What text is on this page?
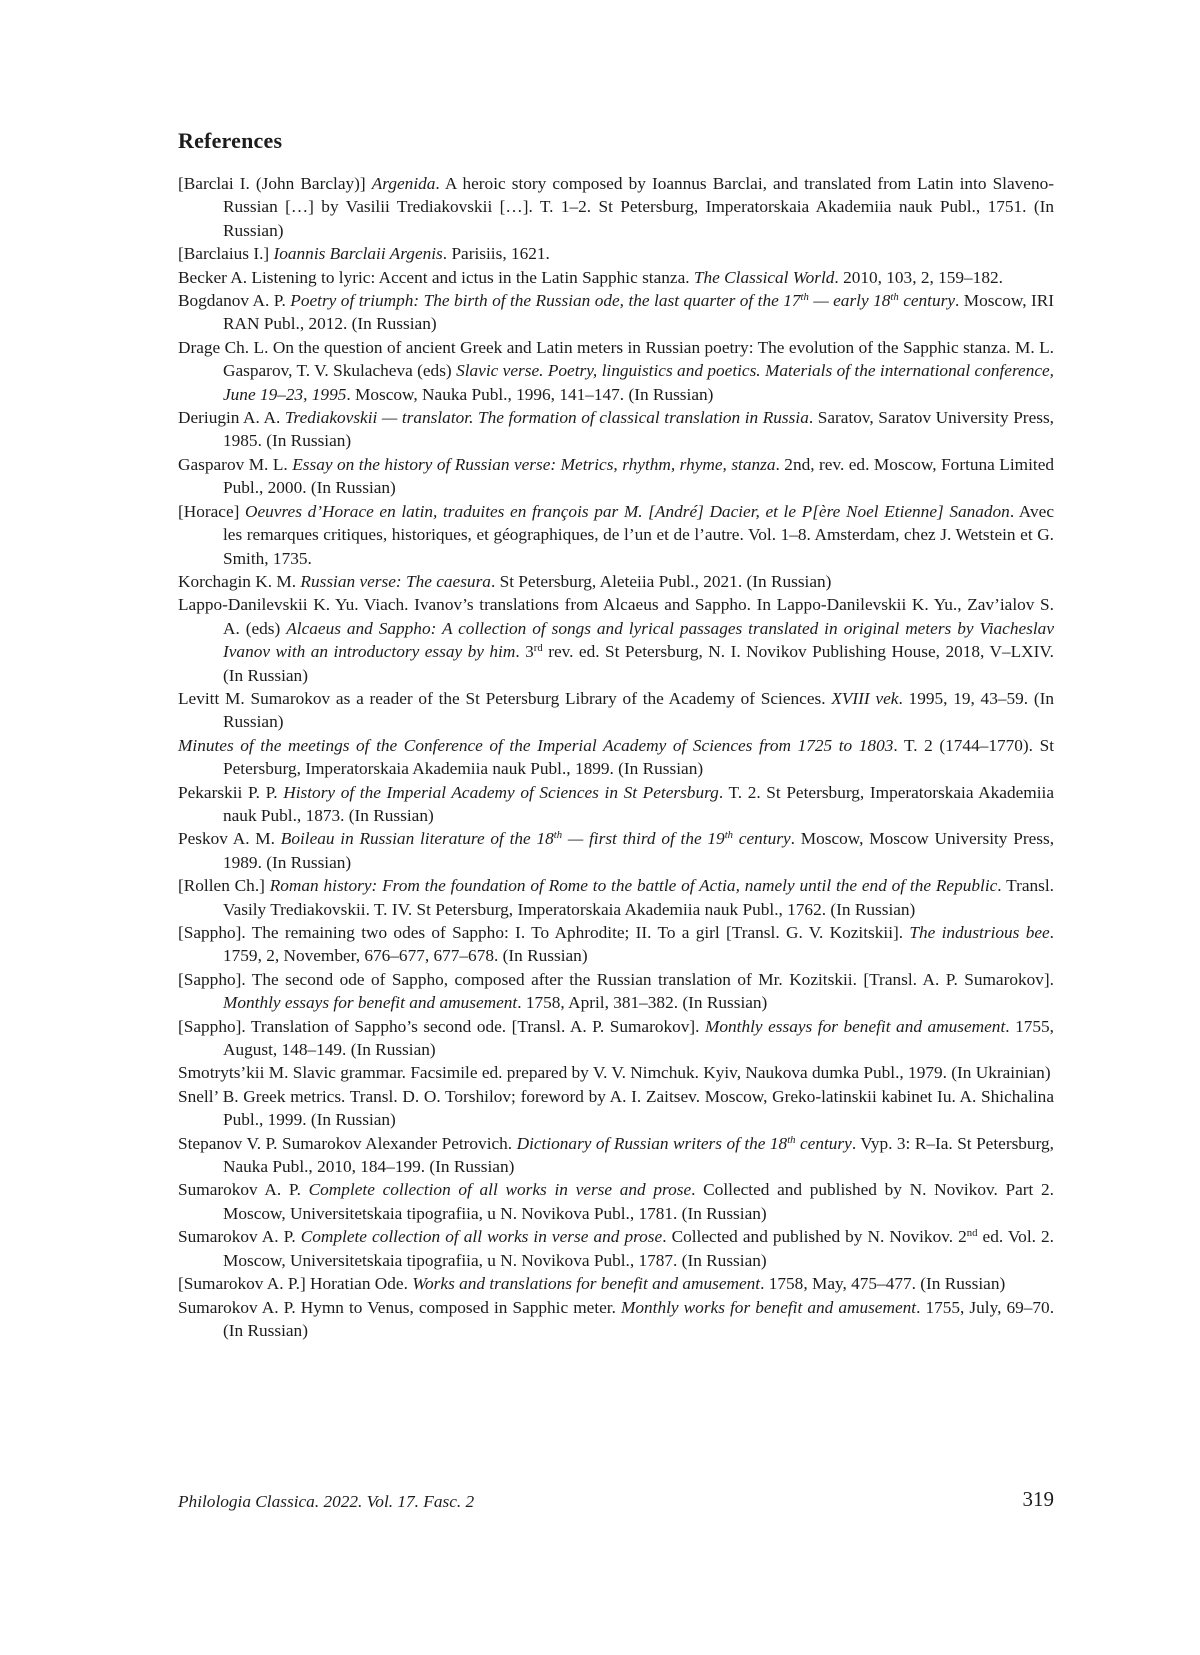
References

[Barclai I. (John Barclay)] Argenida. A heroic story composed by Ioannus Barclai, and translated from Latin into Slaveno-Russian […] by Vasilii Trediakovskii […]. T. 1–2. St Petersburg, Imperatorskaia Akademiia nauk Publ., 1751. (In Russian)

[Barclaius I.] Ioannis Barclaii Argenis. Parisiis, 1621.

Becker A. Listening to lyric: Accent and ictus in the Latin Sapphic stanza. The Classical World. 2010, 103, 2, 159–182.

Bogdanov A. P. Poetry of triumph: The birth of the Russian ode, the last quarter of the 17th — early 18th century. Moscow, IRI RAN Publ., 2012. (In Russian)

Drage Ch. L. On the question of ancient Greek and Latin meters in Russian poetry: The evolution of the Sapphic stanza. M. L. Gasparov, T. V. Skulacheva (eds) Slavic verse. Poetry, linguistics and poetics. Materials of the international conference, June 19–23, 1995. Moscow, Nauka Publ., 1996, 141–147. (In Russian)

Deriugin A. A. Trediakovskii — translator. The formation of classical translation in Russia. Saratov, Saratov University Press, 1985. (In Russian)

Gasparov M. L. Essay on the history of Russian verse: Metrics, rhythm, rhyme, stanza. 2nd, rev. ed. Moscow, Fortuna Limited Publ., 2000. (In Russian)

[Horace] Oeuvres d’Horace en latin, traduites en françois par M. [André] Dacier, et le P[ère Noel Etienne] Sanadon. Avec les remarques critiques, historiques, et géographiques, de l’un et de l’autre. Vol. 1–8. Amsterdam, chez J. Wetstein et G. Smith, 1735.

Korchagin K. M. Russian verse: The caesura. St Petersburg, Aleteiia Publ., 2021. (In Russian)

Lappo-Danilevskii K. Yu. Viach. Ivanov’s translations from Alcaeus and Sappho. In Lappo-Danilevskii K. Yu., Zav’ialov S. A. (eds) Alcaeus and Sappho: A collection of songs and lyrical passages translated in original meters by Viacheslav Ivanov with an introductory essay by him. 3rd rev. ed. St Petersburg, N. I. Novikov Publishing House, 2018, V–LXIV. (In Russian)

Levitt M. Sumarokov as a reader of the St Petersburg Library of the Academy of Sciences. XVIII vek. 1995, 19, 43–59. (In Russian)

Minutes of the meetings of the Conference of the Imperial Academy of Sciences from 1725 to 1803. T. 2 (1744–1770). St Petersburg, Imperatorskaia Akademiia nauk Publ., 1899. (In Russian)

Pekarskii P. P. History of the Imperial Academy of Sciences in St Petersburg. T. 2. St Petersburg, Imperatorskaia Akademiia nauk Publ., 1873. (In Russian)

Peskov A. M. Boileau in Russian literature of the 18th — first third of the 19th century. Moscow, Moscow University Press, 1989. (In Russian)

[Rollen Ch.] Roman history: From the foundation of Rome to the battle of Actia, namely until the end of the Republic. Transl. Vasily Trediakovskii. T. IV. St Petersburg, Imperatorskaia Akademiia nauk Publ., 1762. (In Russian)

[Sappho]. The remaining two odes of Sappho: I. To Aphrodite; II. To a girl [Transl. G. V. Kozitskii]. The industrious bee. 1759, 2, November, 676–677, 677–678. (In Russian)

[Sappho]. The second ode of Sappho, composed after the Russian translation of Mr. Kozitskii. [Transl. A. P. Sumarokov]. Monthly essays for benefit and amusement. 1758, April, 381–382. (In Russian)

[Sappho]. Translation of Sappho’s second ode. [Transl. A. P. Sumarokov]. Monthly essays for benefit and amusement. 1755, August, 148–149. (In Russian)

Smotryts’kii M. Slavic grammar. Facsimile ed. prepared by V. V. Nimchuk. Kyiv, Naukova dumka Publ., 1979. (In Ukrainian)

Snell’ B. Greek metrics. Transl. D. O. Torshilov; foreword by A. I. Zaitsev. Moscow, Greko-latinskii kabinet Iu. A. Shichalina Publ., 1999. (In Russian)

Stepanov V. P. Sumarokov Alexander Petrovich. Dictionary of Russian writers of the 18th century. Vyp. 3: R–Ia. St Petersburg, Nauka Publ., 2010, 184–199. (In Russian)

Sumarokov A. P. Complete collection of all works in verse and prose. Collected and published by N. Novikov. Part 2. Moscow, Universitetskaia tipografiia, u N. Novikova Publ., 1781. (In Russian)

Sumarokov A. P. Complete collection of all works in verse and prose. Collected and published by N. Novikov. 2nd ed. Vol. 2. Moscow, Universitetskaia tipografiia, u N. Novikova Publ., 1787. (In Russian)

[Sumarokov A. P.] Horatian Ode. Works and translations for benefit and amusement. 1758, May, 475–477. (In Russian)

Sumarokov A. P. Hymn to Venus, composed in Sapphic meter. Monthly works for benefit and amusement. 1755, July, 69–70. (In Russian)

Philologia Classica. 2022. Vol. 17. Fasc. 2	319
